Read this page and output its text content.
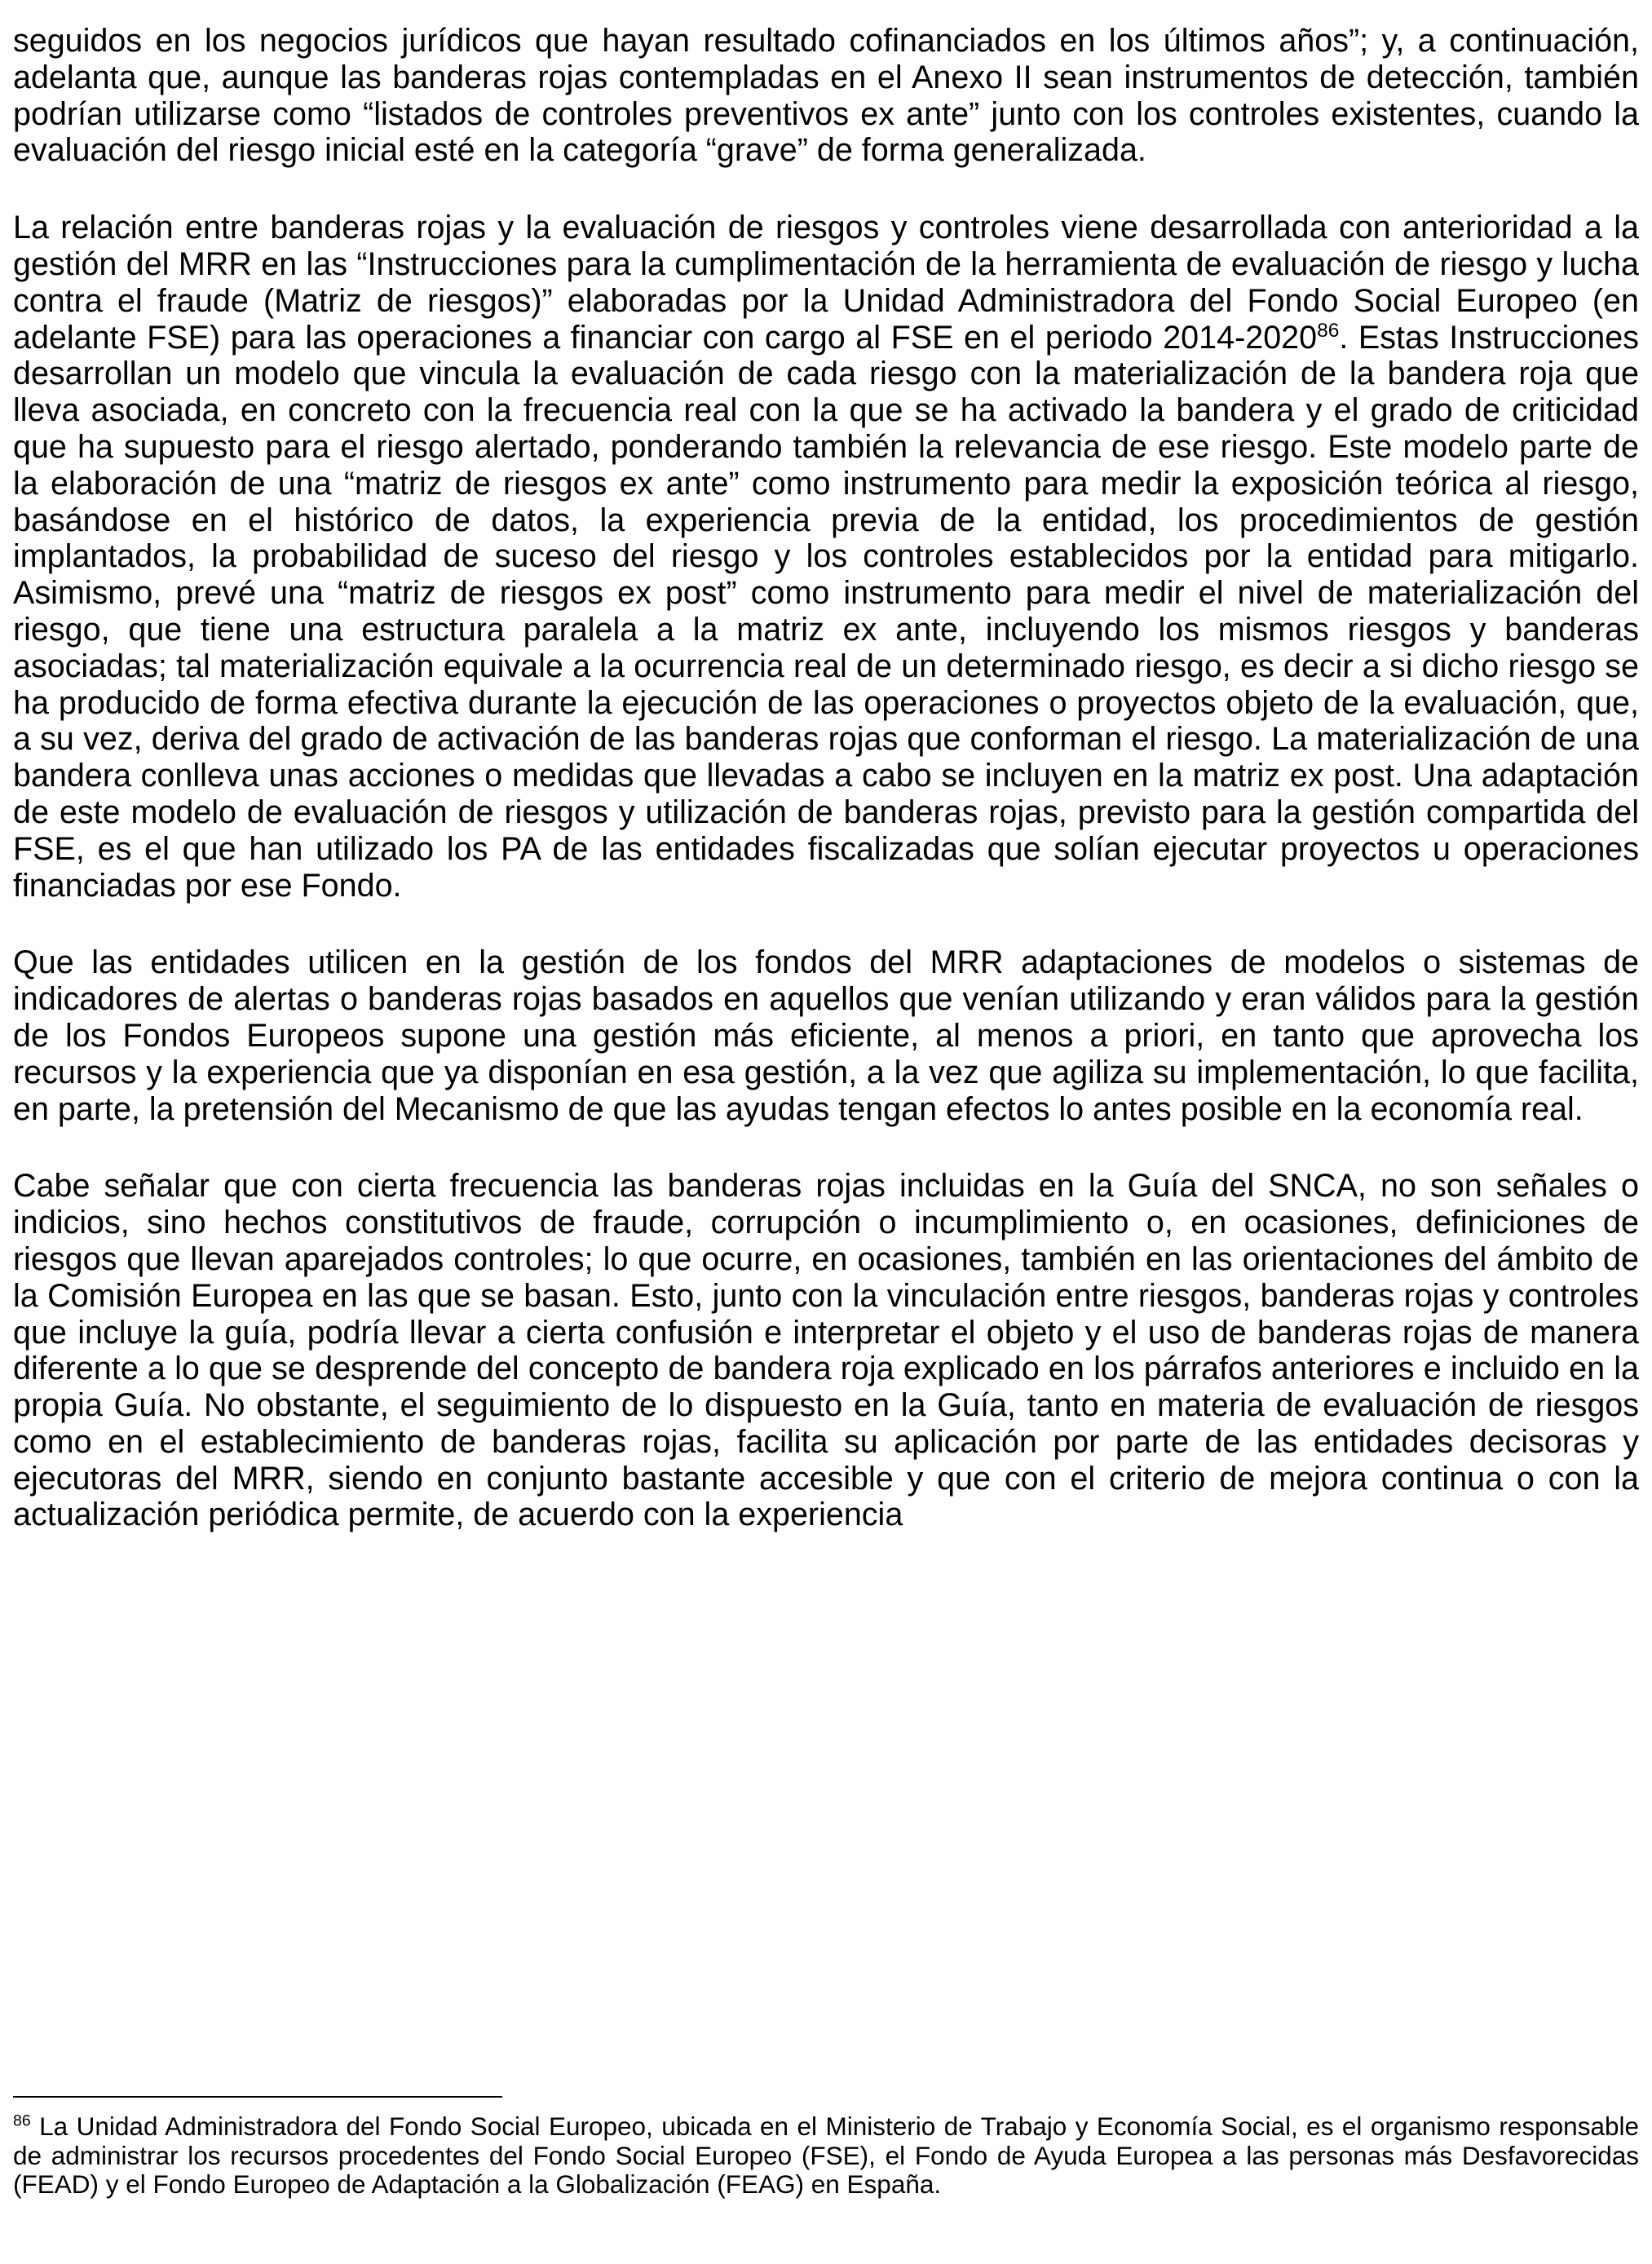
seguidos en los negocios jurídicos que hayan resultado cofinanciados en los últimos años”; y, a continuación, adelanta que, aunque las banderas rojas contempladas en el Anexo II sean instrumentos de detección, también podrían utilizarse como “listados de controles preventivos ex ante” junto con los controles existentes, cuando la evaluación del riesgo inicial esté en la categoría “grave” de forma generalizada.

La relación entre banderas rojas y la evaluación de riesgos y controles viene desarrollada con anterioridad a la gestión del MRR en las “Instrucciones para la cumplimentación de la herramienta de evaluación de riesgo y lucha contra el fraude (Matriz de riesgos)” elaboradas por la Unidad Administradora del Fondo Social Europeo (en adelante FSE) para las operaciones a financiar con cargo al FSE en el periodo 2014-2020$^{86}$. Estas Instrucciones desarrollan un modelo que vincula la evaluación de cada riesgo con la materialización de la bandera roja que lleva asociada, en concreto con la frecuencia real con la que se ha activado la bandera y el grado de criticidad que ha supuesto para el riesgo alertado, ponderando también la relevancia de ese riesgo. Este modelo parte de la elaboración de una “matriz de riesgos ex ante” como instrumento para medir la exposición teórica al riesgo, basándose en el histórico de datos, la experiencia previa de la entidad, los procedimientos de gestión implantados, la probabilidad de suceso del riesgo y los controles establecidos por la entidad para mitigarlo. Asimismo, prevé una “matriz de riesgos ex post” como instrumento para medir el nivel de materialización del riesgo, que tiene una estructura paralela a la matriz ex ante, incluyendo los mismos riesgos y banderas asociadas; tal materialización equivale a la ocurrencia real de un determinado riesgo, es decir a si dicho riesgo se ha producido de forma efectiva durante la ejecución de las operaciones o proyectos objeto de la evaluación, que, a su vez, deriva del grado de activación de las banderas rojas que conforman el riesgo. La materialización de una bandera conlleva unas acciones o medidas que llevadas a cabo se incluyen en la matriz ex post. Una adaptación de este modelo de evaluación de riesgos y utilización de banderas rojas, previsto para la gestión compartida del FSE, es el que han utilizado los PA de las entidades fiscalizadas que solían ejecutar proyectos u operaciones financiadas por ese Fondo.

Que las entidades utilicen en la gestión de los fondos del MRR adaptaciones de modelos o sistemas de indicadores de alertas o banderas rojas basados en aquellos que venían utilizando y eran válidos para la gestión de los Fondos Europeos supone una gestión más eficiente, al menos a priori, en tanto que aprovecha los recursos y la experiencia que ya disponían en esa gestión, a la vez que agiliza su implementación, lo que facilita, en parte, la pretensión del Mecanismo de que las ayudas tengan efectos lo antes posible en la economía real.

Cabe señalar que con cierta frecuencia las banderas rojas incluidas en la Guía del SNCA, no son señales o indicios, sino hechos constitutivos de fraude, corrupción o incumplimiento o, en ocasiones, definiciones de riesgos que llevan aparejados controles; lo que ocurre, en ocasiones, también en las orientaciones del ámbito de la Comisión Europea en las que se basan. Esto, junto con la vinculación entre riesgos, banderas rojas y controles que incluye la guía, podría llevar a cierta confusión e interpretar el objeto y el uso de banderas rojas de manera diferente a lo que se desprende del concepto de bandera roja explicado en los párrafos anteriores e incluido en la propia Guía. No obstante, el seguimiento de lo dispuesto en la Guía, tanto en materia de evaluación de riesgos como en el establecimiento de banderas rojas, facilita su aplicación por parte de las entidades decisoras y ejecutoras del MRR, siendo en conjunto bastante accesible y que con el criterio de mejora continua o con la actualización periódica permite, de acuerdo con la experiencia

$^{86}$ La Unidad Administradora del Fondo Social Europeo, ubicada en el Ministerio de Trabajo y Economía Social, es el organismo responsable de administrar los recursos procedentes del Fondo Social Europeo (FSE), el Fondo de Ayuda Europea a las personas más Desfavorecidas (FEAD) y el Fondo Europeo de Adaptación a la Globalización (FEAG) en España.
